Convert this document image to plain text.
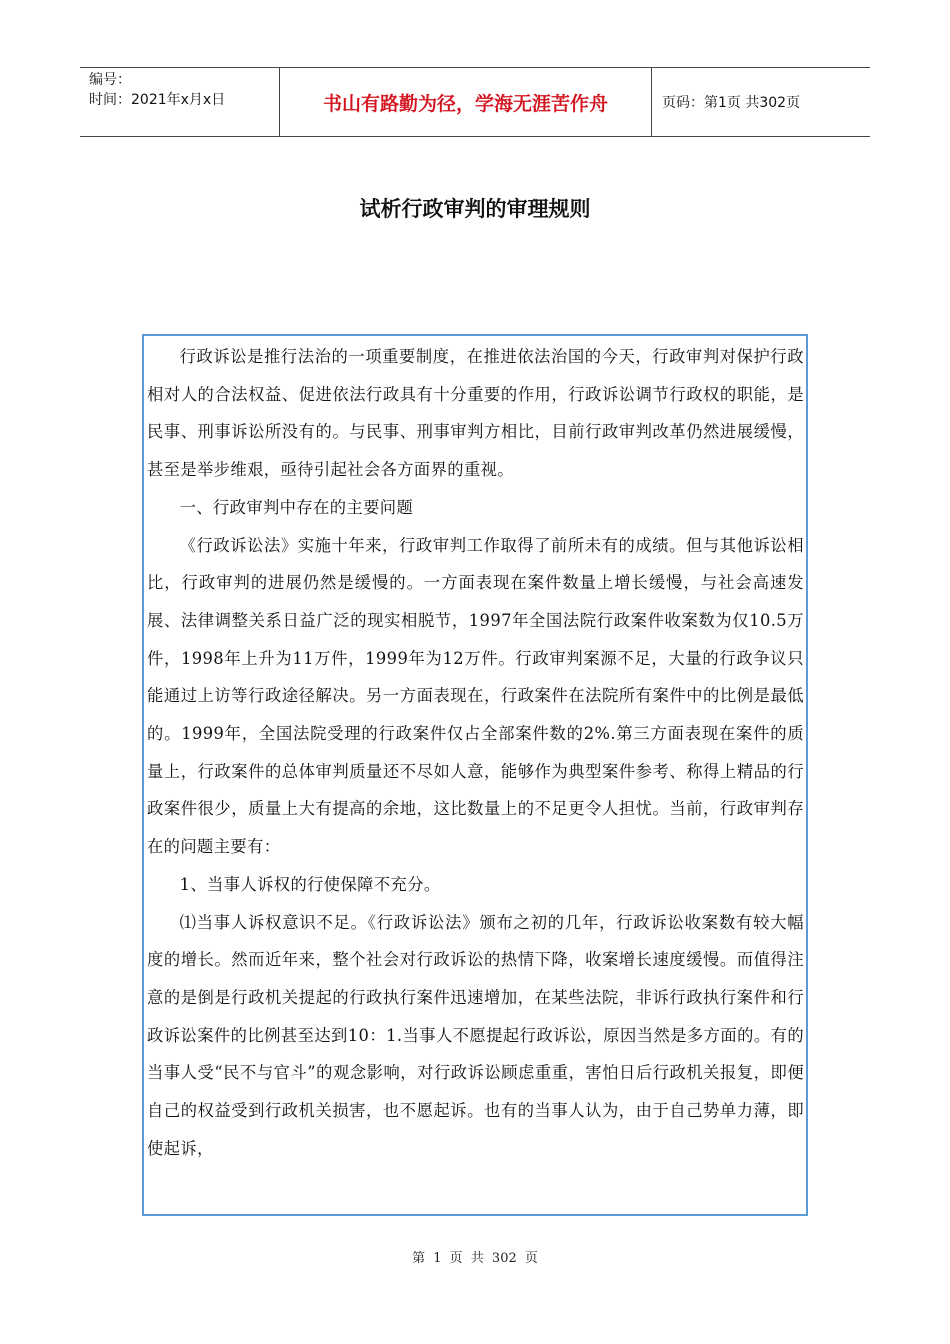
编号：
时间：2021年x月x日	书山有路勤为径，学海无涯苦作舟	页码：第1页 共302页
试析行政审判的审理规则

行政诉讼是推行法治的一项重要制度，在推进依法治国的今天，行政审判对保护行政相对人的合法权益、促进依法行政具有十分重要的作用，行政诉讼调节行政权的职能，是民事、刑事诉讼所没有的。与民事、刑事审判方相比，目前行政审判改革仍然进展缓慢，甚至是举步维艰，亟待引起社会各方面界的重视。

一、行政审判中存在的主要问题

《行政诉讼法》实施十年来，行政审判工作取得了前所未有的成绩。但与其他诉讼相比，行政审判的进展仍然是缓慢的。一方面表现在案件数量上增长缓慢，与社会高速发展、法律调整关系日益广泛的现实相脱节，1997年全国法院行政案件收案数为仅10.5万件，1998年上升为11万件，1999年为12万件。行政审判案源不足，大量的行政争议只能通过上访等行政途径解决。另一方面表现在，行政案件在法院所有案件中的比例是最低的。1999年，全国法院受理的行政案件仅占全部案件数的2%.第三方面表现在案件的质量上，行政案件的总体审判质量还不尽如人意，能够作为典型案件参考、称得上精品的行政案件很少，质量上大有提高的余地，这比数量上的不足更令人担忧。当前，行政审判存在的问题主要有：

1、当事人诉权的行使保障不充分。

⑴当事人诉权意识不足。《行政诉讼法》颁布之初的几年，行政诉讼收案数有较大幅度的增长。然而近年来，整个社会对行政诉讼的热情下降，收案增长速度缓慢。而值得注意的是倒是行政机关提起的行政执行案件迅速增加，在某些法院，非诉行政执行案件和行政诉讼案件的比例甚至达到10：1.当事人不愿提起行政诉讼，原因当然是多方面的。有的当事人受“民不与官斗”的观念影响，对行政诉讼顾虑重重，害怕日后行政机关报复，即便自己的权益受到行政机关损害，也不愿起诉。也有的当事人认为，由于自己势单力薄，即使起诉，

第 1 页 共 302 页
